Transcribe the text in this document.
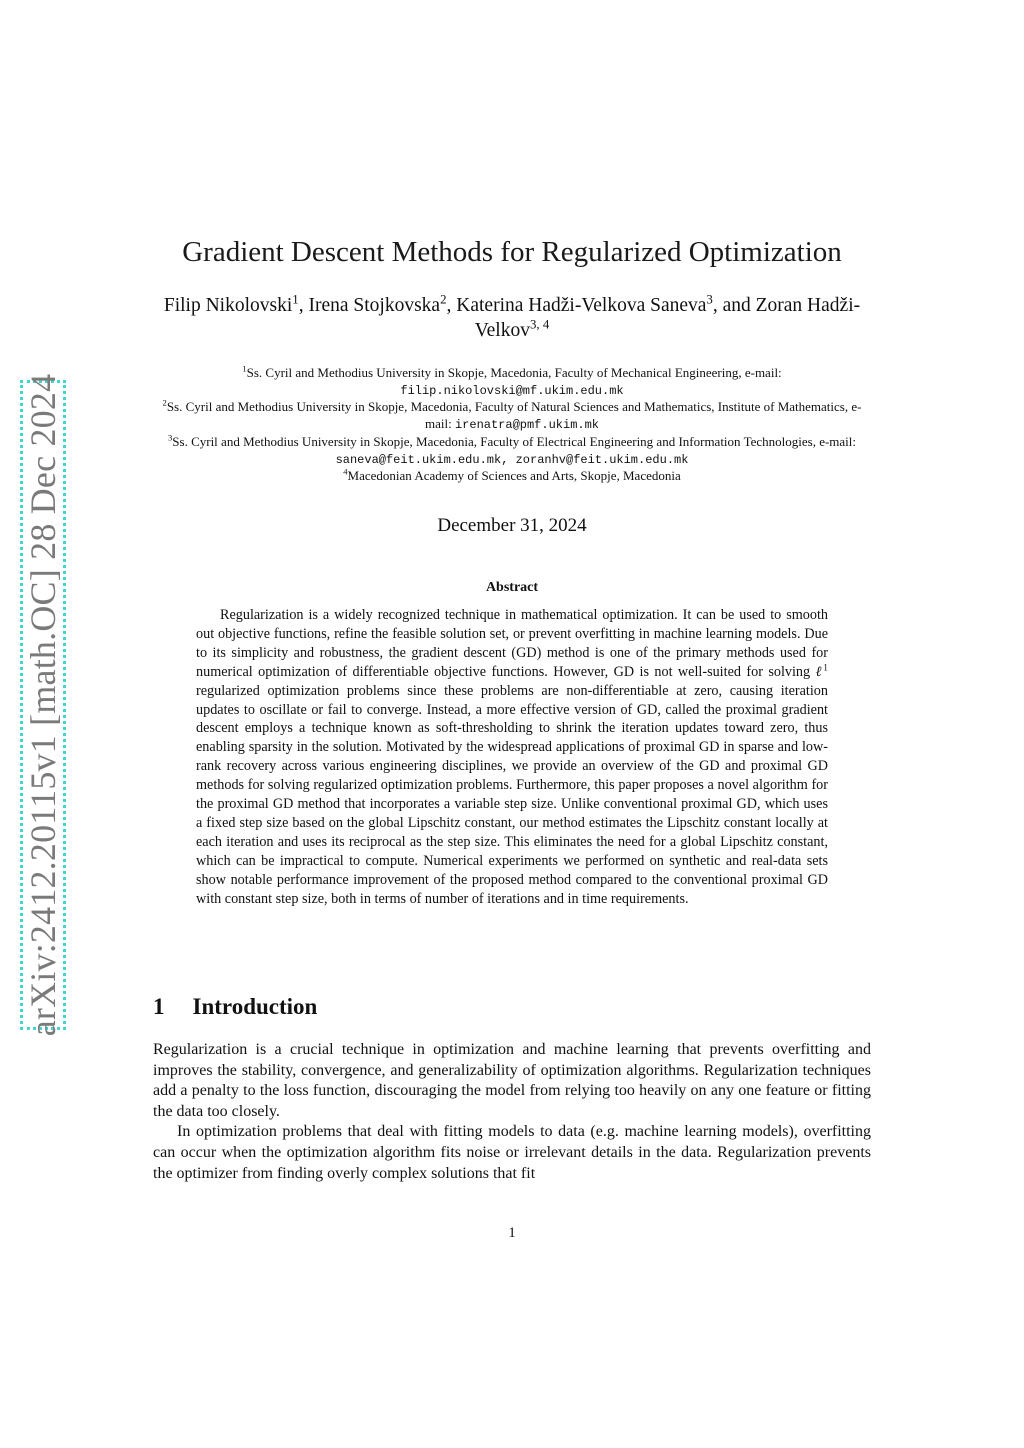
arXiv:2412.20115v1 [math.OC] 28 Dec 2024
Gradient Descent Methods for Regularized Optimization
Filip Nikolovski$^1$, Irena Stojkovska$^2$, Katerina Hadži-Velkova Saneva$^3$, and Zoran Hadži-Velkov$^{3, 4}$
$^1$Ss. Cyril and Methodius University in Skopje, Macedonia, Faculty of Mechanical Engineering, e-mail:
filip.nikolovski@mf.ukim.edu.mk
$^2$Ss. Cyril and Methodius University in Skopje, Macedonia, Faculty of Natural Sciences and Mathematics, Institute of Mathematics, e-mail: irenatra@pmf.ukim.mk
$^3$Ss. Cyril and Methodius University in Skopje, Macedonia, Faculty of Electrical Engineering and Information Technologies, e-mail: saneva@feit.ukim.edu.mk, zoranhv@feit.ukim.edu.mk
$^4$Macedonian Academy of Sciences and Arts, Skopje, Macedonia
December 31, 2024
Abstract
Regularization is a widely recognized technique in mathematical optimization. It can be used to smooth out objective functions, refine the feasible solution set, or prevent overfitting in machine learning models. Due to its simplicity and robustness, the gradient descent (GD) method is one of the primary methods used for numerical optimization of differentiable objective functions. However, GD is not well-suited for solving ℓ$^1$ regularized optimization problems since these problems are non-differentiable at zero, causing iteration updates to oscillate or fail to converge. Instead, a more effective version of GD, called the proximal gradient descent employs a technique known as soft-thresholding to shrink the iteration updates toward zero, thus enabling sparsity in the solution. Motivated by the widespread applications of proximal GD in sparse and low-rank recovery across various engineering disciplines, we provide an overview of the GD and proximal GD methods for solving regularized optimization problems. Furthermore, this paper proposes a novel algorithm for the proximal GD method that incorporates a variable step size. Unlike conventional proximal GD, which uses a fixed step size based on the global Lipschitz constant, our method estimates the Lipschitz constant locally at each iteration and uses its reciprocal as the step size. This eliminates the need for a global Lipschitz constant, which can be impractical to compute. Numerical experiments we performed on synthetic and real-data sets show notable performance improvement of the proposed method compared to the conventional proximal GD with constant step size, both in terms of number of iterations and in time requirements.
1 Introduction

Regularization is a crucial technique in optimization and machine learning that prevents overfitting and improves the stability, convergence, and generalizability of optimization algorithms. Regularization techniques add a penalty to the loss function, discouraging the model from relying too heavily on any one feature or fitting the data too closely.

In optimization problems that deal with fitting models to data (e.g. machine learning models), overfitting can occur when the optimization algorithm fits noise or irrelevant details in the data. Regularization prevents the optimizer from finding overly complex solutions that fit

1
